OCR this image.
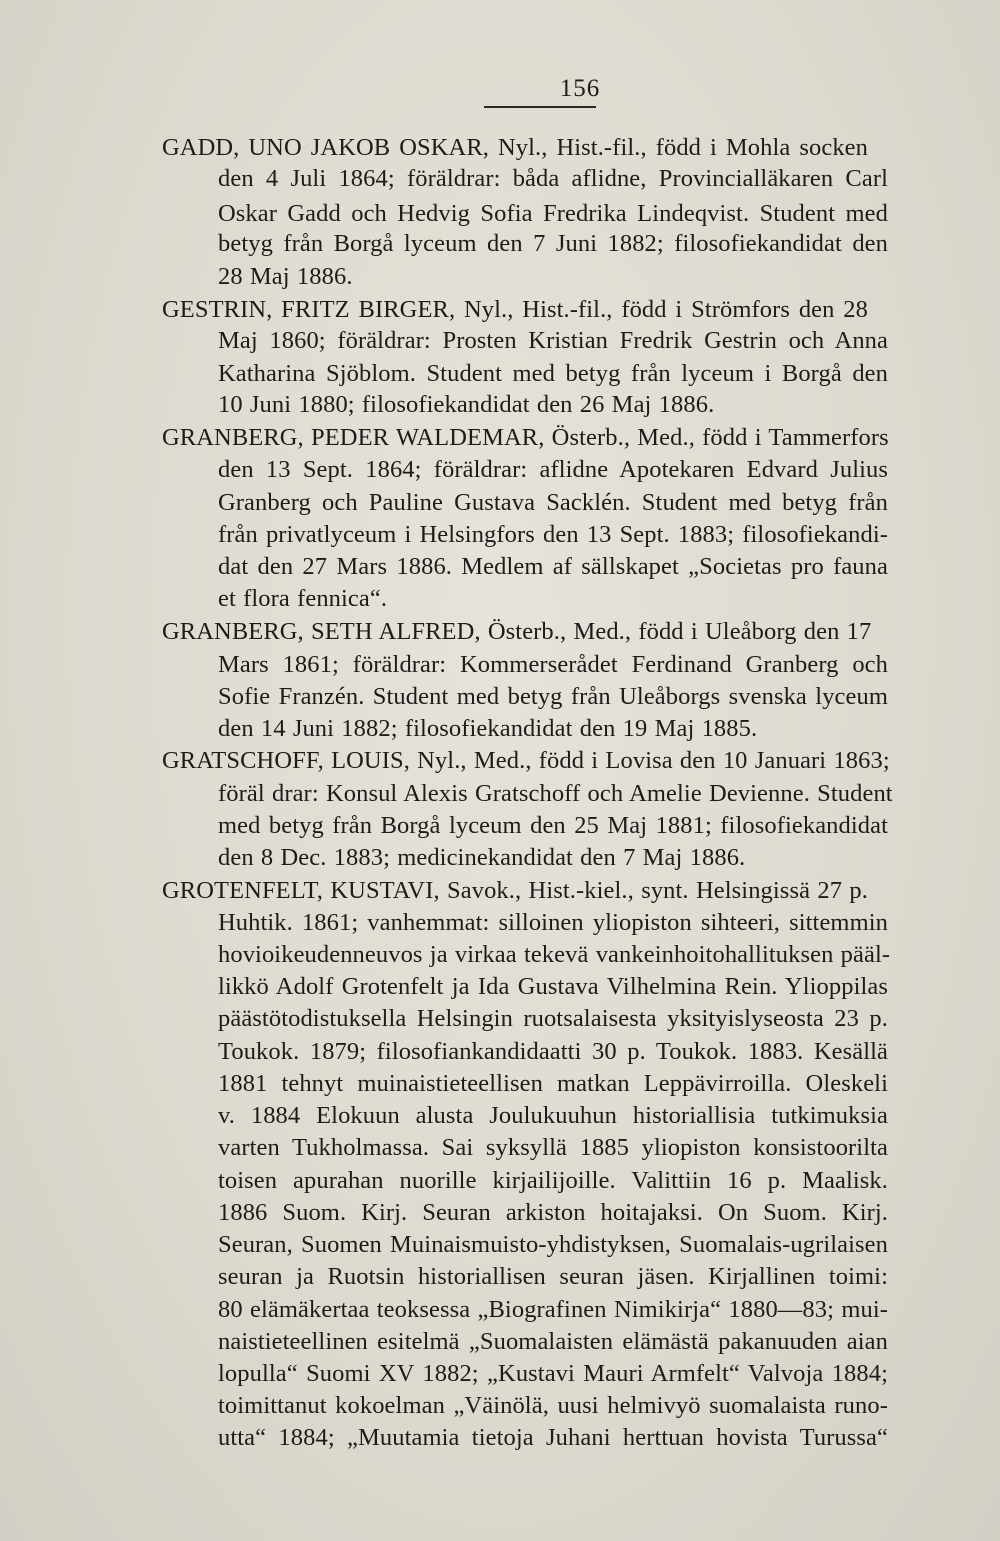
156
GADD, UNO JAKOB OSKAR, Nyl., Hist.-fil., född i Mohla socken
den 4 Juli 1864; föräldrar: båda aflidne, Provincialläkaren Carl
Oskar Gadd och Hedvig Sofia Fredrika Lindeqvist. Student med
betyg från Borgå lyceum den 7 Juni 1882; filosofiekandidat den
28 Maj 1886.
GESTRIN, FRITZ BIRGER, Nyl., Hist.-fil., född i Strömfors den 28
Maj 1860; föräldrar: Prosten Kristian Fredrik Gestrin och Anna
Katharina Sjöblom. Student med betyg från lyceum i Borgå den
10 Juni 1880; filosofiekandidat den 26 Maj 1886.
GRANBERG, PEDER WALDEMAR, Österb., Med., född i Tammerfors
den 13 Sept. 1864; föräldrar: aflidne Apotekaren Edvard Julius
Granberg och Pauline Gustava Sacklén. Student med betyg från
från privatlyceum i Helsingfors den 13 Sept. 1883; filosofiekandi-
dat den 27 Mars 1886. Medlem af sällskapet „Societas pro fauna
et flora fennica“.
GRANBERG, SETH ALFRED, Österb., Med., född i Uleåborg den 17
Mars 1861; föräldrar: Kommerserådet Ferdinand Granberg och
Sofie Franzén. Student med betyg från Uleåborgs svenska lyceum
den 14 Juni 1882; filosofiekandidat den 19 Maj 1885.
GRATSCHOFF, LOUIS, Nyl., Med., född i Lovisa den 10 Januari 1863;
föräl drar: Konsul Alexis Gratschoff och Amelie Devienne. Student
med betyg från Borgå lyceum den 25 Maj 1881; filosofiekandidat
den 8 Dec. 1883; medicinekandidat den 7 Maj 1886.
GROTENFELT, KUSTAVI, Savok., Hist.-kiel., synt. Helsingissä 27 p.
Huhtik. 1861; vanhemmat: silloinen yliopiston sihteeri, sittemmin
hovioikeudenneuvos ja virkaa tekevä vankeinhoitohallituksen pääl-
likkö Adolf Grotenfelt ja Ida Gustava Vilhelmina Rein. Ylioppilas
päästötodistuksella Helsingin ruotsalaisesta yksityislyseosta 23 p.
Toukok. 1879; filosofiankandidaatti 30 p. Toukok. 1883. Kesällä
1881 tehnyt muinaistieteellisen matkan Leppävirroilla. Oleskeli
v. 1884 Elokuun alusta Joulukuuhun historiallisia tutkimuksia
varten Tukholmassa. Sai syksyllä 1885 yliopiston konsistoorilta
toisen apurahan nuorille kirjailijoille. Valittiin 16 p. Maalisk.
1886 Suom. Kirj. Seuran arkiston hoitajaksi. On Suom. Kirj.
Seuran, Suomen Muinaismuisto-yhdistyksen, Suomalais-ugrilaisen
seuran ja Ruotsin historiallisen seuran jäsen. Kirjallinen toimi:
80 elämäkertaa teoksessa „Biografinen Nimikirja“ 1880—83; mui-
naistieteellinen esitelmä „Suomalaisten elämästä pakanuuden aian
lopulla“ Suomi XV 1882; „Kustavi Mauri Armfelt“ Valvoja 1884;
toimittanut kokoelman „Väinölä, uusi helmivyö suomalaista runo-
utta“ 1884; „Muutamia tietoja Juhani herttuan hovista Turussa“
